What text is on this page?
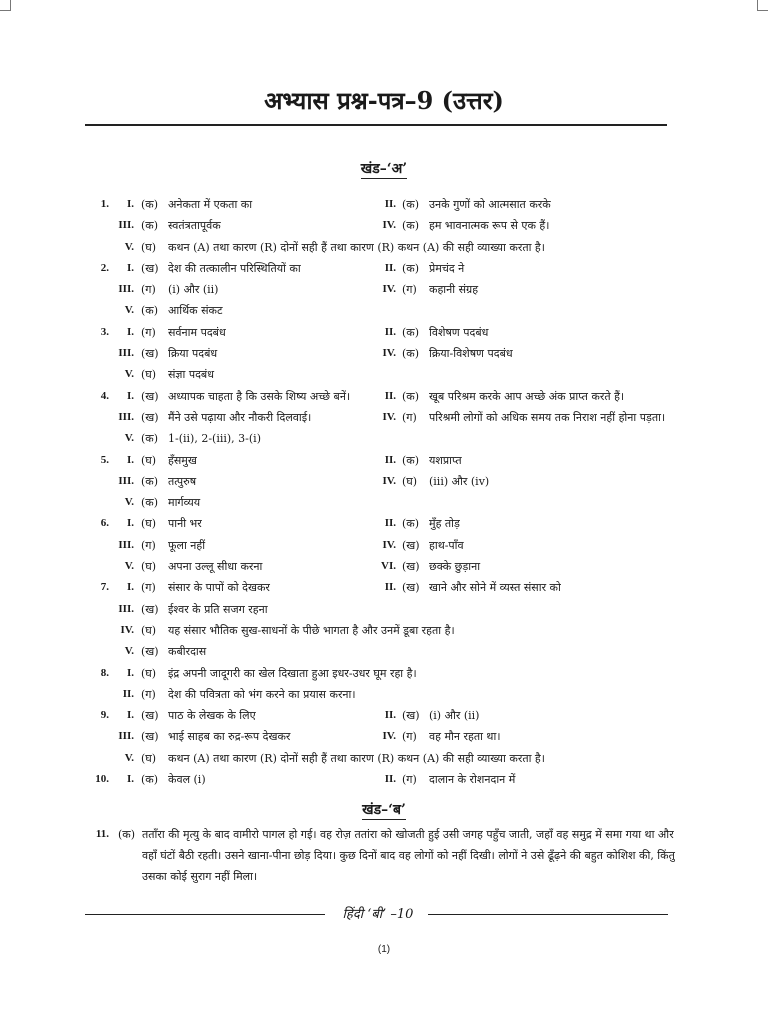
अभ्यास प्रश्न-पत्र–9 (उत्तर)
खंड–‘अ’
1.	I. (क) अनेकता में एकता का	II. (क) उनके गुणों को आत्मसात करके
III. (क) स्वतंत्रतापूर्वक	IV. (क) हम भावनात्मक रूप से एक हैं।
V. (घ) कथन (A) तथा कारण (R) दोनों सही हैं तथा कारण (R) कथन (A) की सही व्याख्या करता है।
2.	I. (ख) देश की तत्कालीन परिस्थितियों का	II. (क) प्रेमचंद ने
III. (ग) (i) और (ii)	IV. (ग) कहानी संग्रह
V. (क) आर्थिक संकट
3.	I. (ग) सर्वनाम पदबंध	II. (क) विशेषण पदबंध
III. (ख) क्रिया पदबंध	IV. (क) क्रिया-विशेषण पदबंध
V. (घ) संज्ञा पदबंध
4.	I. (ख) अध्यापक चाहता है कि उसके शिष्य अच्छे बनें।	II. (क) खूब परिश्रम करके आप अच्छे अंक प्राप्त करते हैं।
III. (ख) मैंने उसे पढ़ाया और नौकरी दिलवाई।	IV. (ग) परिश्रमी लोगों को अधिक समय तक निराश नहीं होना पड़ता।
V. (क) 1-(ii), 2-(iii), 3-(i)
5.	I. (घ) हँसमुख	II. (क) यशप्राप्त
III. (क) तत्पुरुष	IV. (घ) (iii) और (iv)
V. (क) मार्गव्यय
6.	I. (घ) पानी भर	II. (क) मुँह तोड़
III. (ग) फूला नहीं	IV. (ख) हाथ-पाँव
V. (घ) अपना उल्लू सीधा करना	VI. (ख) छक्के छुड़ाना
7.	I. (ग) संसार के पापों को देखकर	II. (ख) खाने और सोने में व्यस्त संसार को
III. (ख) ईश्वर के प्रति सजग रहना
IV. (घ) यह संसार भौतिक सुख-साधनों के पीछे भागता है और उनमें डूबा रहता है।
V. (ख) कबीरदास
8.	I. (घ) इंद्र अपनी जादूगरी का खेल दिखाता हुआ इधर-उधर घूम रहा है।
II. (ग) देश की पवित्रता को भंग करने का प्रयास करना।
9.	I. (ख) पाठ के लेखक के लिए	II. (ख) (i) और (ii)
III. (ख) भाई साहब का रुद्र-रूप देखकर	IV. (ग) वह मौन रहता था।
V. (घ) कथन (A) तथा कारण (R) दोनों सही हैं तथा कारण (R) कथन (A) की सही व्याख्या करता है।
10.	I. (क) केवल (i)	II. (ग) दालान के रोशनदान में
खंड–‘ब’
11. (क) तताँरा की मृत्यु के बाद वामीरो पागल हो गई। वह रोज़ ततांरा को खोजती हुई उसी जगह पहुँच जाती, जहाँ वह समुद्र में समा गया था और वहाँ घंटों बैठी रहती। उसने खाना-पीना छोड़ दिया। कुछ दिनों बाद वह लोगों को नहीं दिखी। लोगों ने उसे ढूँढ़ने की बहुत कोशिश की, किंतु उसका कोई सुराग नहीं मिला।
हिंदी ‘बी’ –10
(1)
